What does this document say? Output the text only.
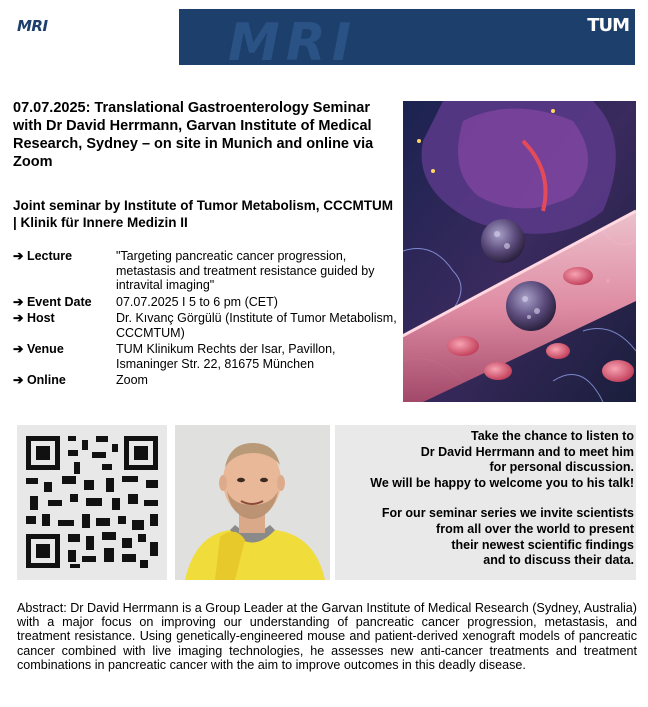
MRI	MRI	TUM
07.07.2025: Translational Gastroenterology Seminar with Dr David Herrmann, Garvan Institute of Medical Research, Sydney – on site in Munich and online via Zoom
Joint seminar by Institute of Tumor Metabolism, CCCMTUM | Klinik für Innere Medizin II
➔ Lecture	"Targeting pancreatic cancer progression, metastasis and treatment resistance guided by intravital imaging"
➔ Event Date	07.07.2025 I 5 to 6 pm (CET)
➔ Host	Dr. Kıvanç Görgülü (Institute of Tumor Metabolism, CCCMTUM)
➔ Venue	TUM Klinikum Rechts der Isar, Pavillon, Ismaninger Str. 22, 81675 München
➔ Online	Zoom

Take the chance to listen to
Dr David Herrmann and to meet him
for personal discussion.
We will be happy to welcome you to his talk!

For our seminar series we invite scientists
from all over the world to present
their newest scientific findings
and to discuss their data.

Abstract: Dr David Herrmann is a Group Leader at the Garvan Institute of Medical Research (Sydney, Australia) with a major focus on improving our understanding of pancreatic cancer progression, metastasis, and treatment resistance. Using genetically-engineered mouse and patient-derived xenograft models of pancreatic cancer combined with live imaging technologies, he assesses new anti-cancer treatments and treatment combinations in pancreatic cancer with the aim to improve outcomes in this deadly disease.
